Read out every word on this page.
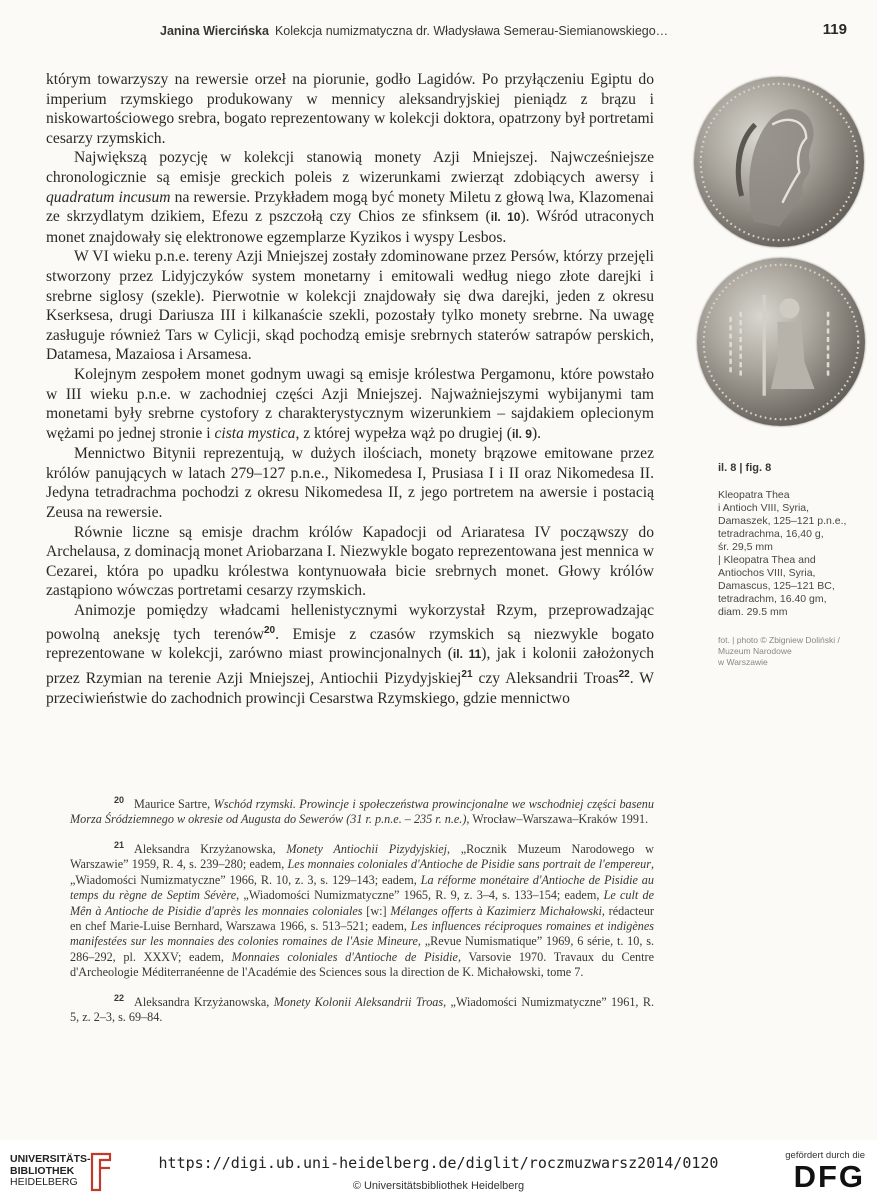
Janina Wiercińska Kolekcja numizmatyczna dr. Władysława Semerau-Siemianowskiego…	119

którym towarzyszy na rewersie orzeł na piorunie, godło Lagidów. Po przyłączeniu Egiptu do imperium rzymskiego produkowany w mennicy aleksandryjskiej pieniądz z brązu i niskowartościowego srebra, bogato reprezentowany w kolekcji doktora, opatrzony był portretami cesarzy rzymskich.

Największą pozycję w kolekcji stanowią monety Azji Mniejszej. Najwcześniejsze chronologicznie są emisje greckich poleis z wizerunkami zwierząt zdobiących awersy i quadratum incusum na rewersie. Przykładem mogą być monety Miletu z głową lwa, Klazomenai ze skrzydlatym dzikiem, Efezu z pszczołą czy Chios ze sfinksem (il. 10). Wśród utraconych monet znajdowały się elektronowe egzemplarze Kyzikos i wyspy Lesbos.

W VI wieku p.n.e. tereny Azji Mniejszej zostały zdominowane przez Persów, którzy przejęli stworzony przez Lidyjczyków system monetarny i emitowali według niego złote darejki i srebrne siglosy (szekle). Pierwotnie w kolekcji znajdowały się dwa darejki, jeden z okresu Kserksesa, drugi Dariusza III i kilkanaście szekli, pozostały tylko monety srebrne. Na uwagę zasługuje również Tars w Cylicji, skąd pochodzą emisje srebrnych staterów satrapów perskich, Datamesa, Mazaiosa i Arsamesa.

Kolejnym zespołem monet godnym uwagi są emisje królestwa Pergamonu, które powstało w III wieku p.n.e. w zachodniej części Azji Mniejszej. Najważniejszymi wybijanymi tam monetami były srebrne cystofory z charakterystycznym wizerunkiem – sajdakiem oplecionym wężami po jednej stronie i cista mystica, z której wypełza wąż po drugiej (il. 9).

Mennictwo Bitynii reprezentują, w dużych ilościach, monety brązowe emitowane przez królów panujących w latach 279–127 p.n.e., Nikomedesa I, Prusiasa I i II oraz Nikomedesa II. Jedyna tetradrachma pochodzi z okresu Nikomedesa II, z jego portretem na awersie i postacią Zeusa na rewersie.

Równie liczne są emisje drachm królów Kapadocji od Ariaratesa IV począwszy do Archelausa, z dominacją monet Ariobarzana I. Niezwykle bogato reprezentowana jest mennica w Cezarei, która po upadku królestwa kontynuowała bicie srebrnych monet. Głowy królów zastąpiono wówczas portretami cesarzy rzymskich.

Animozje pomiędzy władcami hellenistycznymi wykorzystał Rzym, przeprowadzając powolną aneksję tych terenów$^{20}$. Emisje z czasów rzymskich są niezwykle bogato reprezentowane w kolekcji, zarówno miast prowincjonalnych (il. 11), jak i kolonii założonych przez Rzymian na terenie Azji Mniejszej, Antiochii Pizydyjskiej$^{21}$ czy Aleksandrii Troas$^{22}$. W przeciwieństwie do zachodnich prowincji Cesarstwa Rzymskiego, gdzie mennictwo

il. 8 | fig. 8
Kleopatra Thea
i Antioch VIII, Syria,
Damaszek, 125–121 p.n.e.,
tetradrachma, 16,40 g,
śr. 29,5 mm
| Kleopatra Thea and
Antiochos VIII, Syria,
Damascus, 125–121 BC,
tetradrachm, 16.40 gm,
diam. 29.5 mm
fot. | photo © Zbigniew Doliński /
Muzeum Narodowe
w Warszawie

$^{20}$ Maurice Sartre, Wschód rzymski. Prowincje i społeczeństwa prowincjonalne we wschodniej części basenu Morza Śródziemnego w okresie od Augusta do Sewerów (31 r. p.n.e. – 235 r. n.e.), Wrocław–Warszawa–Kraków 1991.

$^{21}$ Aleksandra Krzyżanowska, Monety Antiochii Pizydyjskiej, „Rocznik Muzeum Narodowego w Warszawie” 1959, R. 4, s. 239–280; eadem, Les monnaies coloniales d'Antioche de Pisidie sans portrait de l'empereur, „Wiadomości Numizmatyczne” 1966, R. 10, z. 3, s. 129–143; eadem, La réforme monétaire d'Antioche de Pisidie au temps du règne de Septim Sévère, „Wiadomości Numizmatyczne” 1965, R. 9, z. 3–4, s. 133–154; eadem, Le cult de Mên à Antioche de Pisidie d'après les monnaies coloniales [w:] Mélanges offerts à Kazimierz Michałowski, rédacteur en chef Marie-Luise Bernhard, Warszawa 1966, s. 513–521; eadem, Les influences réciproques romaines et indigènes manifestées sur les monnaies des colonies romaines de l'Asie Mineure, „Revue Numismatique” 1969, 6 série, t. 10, s. 286–292, pl. XXXV; eadem, Monnaies coloniales d'Antioche de Pisidie, Varsovie 1970. Travaux du Centre d'Archeologie Méditerranéenne de l'Académie des Sciences sous la direction de K. Michałowski, tome 7.

$^{22}$ Aleksandra Krzyżanowska, Monety Kolonii Aleksandrii Troas, „Wiadomości Numizmatyczne” 1961, R. 5, z. 2–3, s. 69–84.

UNIVERSITÄTS-
BIBLIOTHEK
HEIDELBERG
https://digi.ub.uni-heidelberg.de/diglit/roczmuzwarsz2014/0120
© Universitätsbibliothek Heidelberg
gefördert durch die
DFG
